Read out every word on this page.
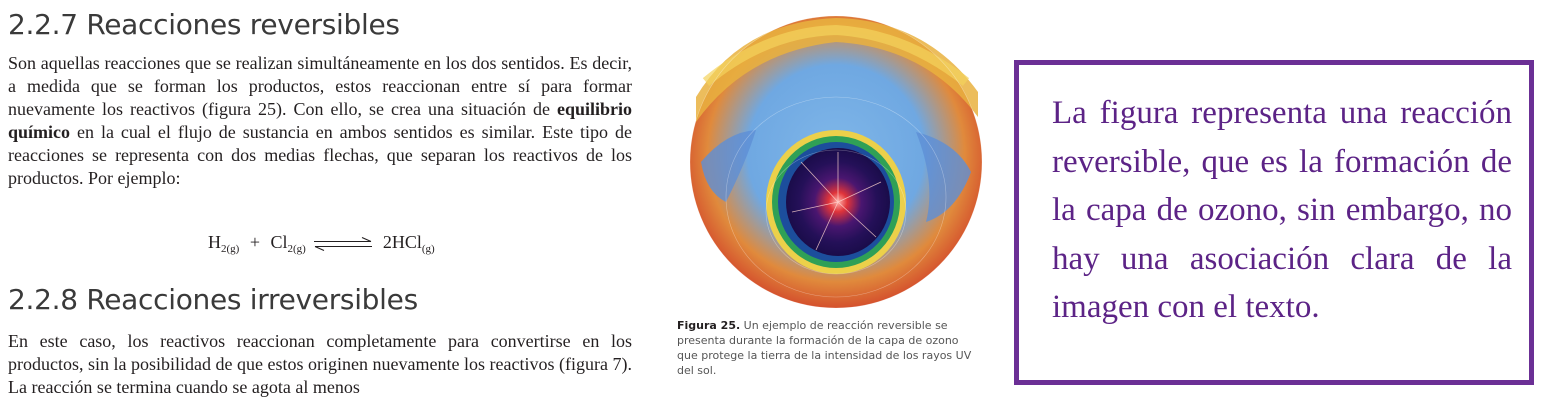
2.2.7 Reacciones reversibles

Son aquellas reacciones que se realizan simultáneamente en los dos sentidos. Es decir, a medida que se forman los productos, estos reaccionan entre sí para formar nuevamente los reactivos (figura 25). Con ello, se crea una situación de equilibrio químico en la cual el flujo de sustancia en ambos sentidos es similar. Este tipo de reacciones se representa con dos medias flechas, que separan los reactivos de los productos. Por ejemplo:

$H_{2(g)} + Cl_{2(g)}$ ⇌ 2HCl$_{(g)}$
2.2.8 Reacciones irreversibles

En este caso, los reactivos reaccionan completamente para convertirse en los productos, sin la posibilidad de que estos originen nuevamente los reactivos (figura 7). La reacción se termina cuando se agota al menos

Figura 25. Un ejemplo de reacción reversible se presenta durante la formación de la capa de ozono que protege la tierra de la intensidad de los rayos UV del sol.

La figura representa una reacción reversible, que es la formación de la capa de ozono, sin embargo, no hay una asociación clara de la imagen con el texto.
